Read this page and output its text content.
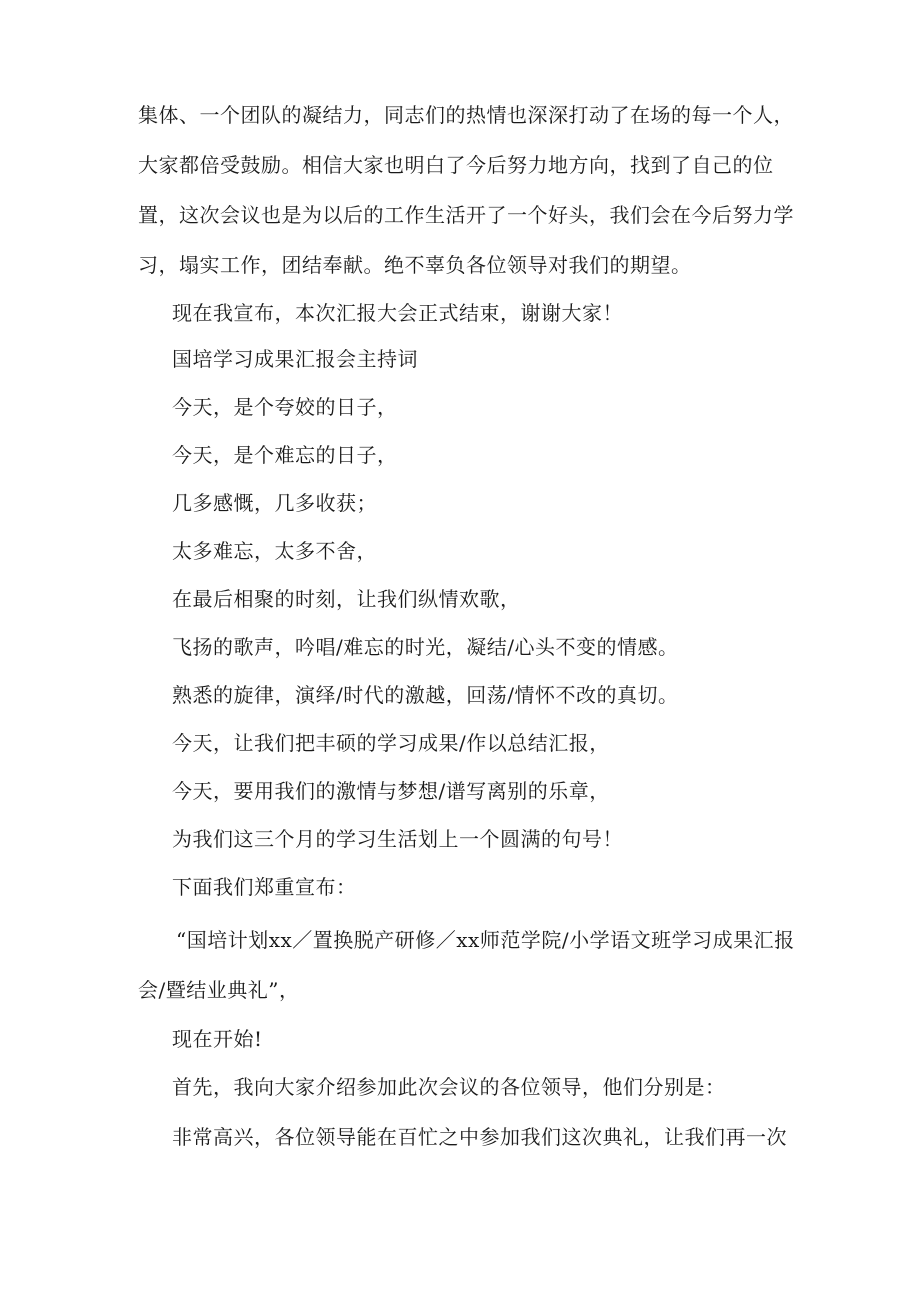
集体、一个团队的凝结力，同志们的热情也深深打动了在场的每一个人，
大家都倍受鼓励。相信大家也明白了今后努力地方向，找到了自己的位
置，这次会议也是为以后的工作生活开了一个好头，我们会在今后努力学
习，塌实工作，团结奉献。绝不辜负各位领导对我们的期望。
现在我宣布，本次汇报大会正式结束，谢谢大家！
国培学习成果汇报会主持词
今天，是个夸姣的日子，
今天，是个难忘的日子，
几多感慨，几多收获；
太多难忘，太多不舍，
在最后相聚的时刻，让我们纵情欢歌，
飞扬的歌声，吟唱/难忘的时光，凝结/心头不变的情感。
熟悉的旋律，演绎/时代的激越，回荡/情怀不改的真切。
今天，让我们把丰硕的学习成果/作以总结汇报，
今天，要用我们的激情与梦想/谱写离别的乐章，
为我们这三个月的学习生活划上一个圆满的句号！
下面我们郑重宣布：
“国培计划xx／置换脱产研修／xx师范学院/小学语文班学习成果汇报
会/暨结业典礼”，
现在开始!
首先，我向大家介绍参加此次会议的各位领导，他们分别是：
非常高兴，各位领导能在百忙之中参加我们这次典礼，让我们再一次
